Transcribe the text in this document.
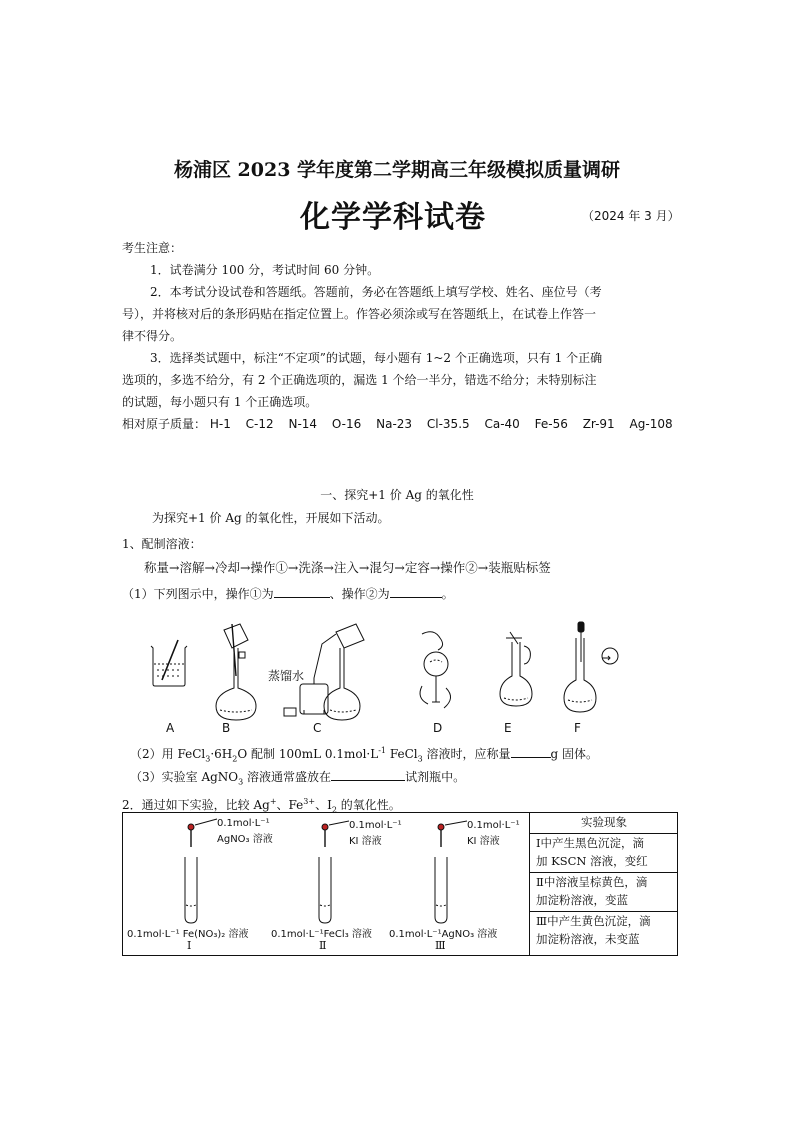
杨浦区 2023 学年度第二学期高三年级模拟质量调研
化学学科试卷	（2024 年 3 月）
考生注意：
1．试卷满分 100 分，考试时间 60 分钟。
2．本考试分设试卷和答题纸。答题前，务必在答题纸上填写学校、姓名、座位号（考
号），并将核对后的条形码贴在指定位置上。作答必须涂或写在答题纸上，在试卷上作答一
律不得分。
3．选择类试题中，标注“不定项”的试题，每小题有 1~2 个正确选项，只有 1 个正确
选项的，多选不给分，有 2 个正确选项的，漏选 1 个给一半分，错选不给分；未特别标注
的试题，每小题只有 1 个正确选项。
相对原子质量： H-1 C-12 N-14 O-16 Na-23 Cl-35.5 Ca-40 Fe-56 Zr-91 Ag-108
一、探究+1 价 Ag 的氧化性
为探究+1 价 Ag 的氧化性，开展如下活动。
1、配制溶液：
称量→溶解→冷却→操作①→洗涤→注入→混匀→定容→操作②→装瓶贴标签
（1）下列图示中，操作①为	、操作②为	。
蒸馏水
A	B	C	D	E	F
（2）用 $FeCl_3\cdot 6H_2O$ 配制 100mL $0.1mol\cdot L^{-1}$ FeCl$_3$ 溶液时，应称量	g 固体。
（3）实验室 AgNO$_3$ 溶液通常盛放在	试剂瓶中。
2．通过如下实验，比较 Ag+、$Fe^{3+}$、$I_2$ 的氧化性。
0.1mol·L⁻¹
AgNO₃ 溶液
0.1mol·L⁻¹
KI 溶液
0.1mol·L⁻¹
KI 溶液
0.1mol·L⁻¹ Fe(NO₃)₂ 溶液 0.1mol·L⁻¹FeCl₃ 溶液 0.1mol·L⁻¹AgNO₃ 溶液
Ⅰ	Ⅱ	Ⅲ
实验现象
Ⅰ中产生黑色沉淀，滴
加 KSCN 溶液，变红
Ⅱ中溶液呈棕黄色，滴
加淀粉溶液，变蓝
Ⅲ中产生黄色沉淀，滴
加淀粉溶液，未变蓝
